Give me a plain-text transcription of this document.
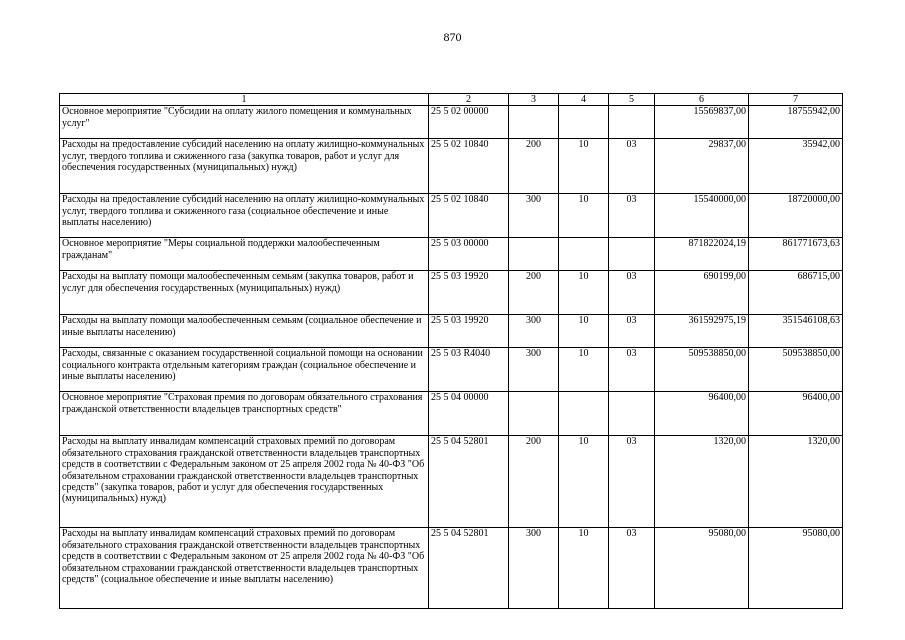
870
1	2	3	4	5	6	7
Основное мероприятие "Субсидии на оплату жилого помещения и коммунальных услуг"	25 5 02 00000				15569837,00	18755942,00
Расходы на предоставление субсидий населению на оплату жилищно-коммунальных услуг, твердого топлива и сжиженного газа (закупка товаров, работ и услуг для обеспечения государственных (муниципальных) нужд)	25 5 02 10840	200	10	03	29837,00	35942,00
Расходы на предоставление субсидий населению на оплату жилищно-коммунальных услуг, твердого топлива и сжиженного газа (социальное обеспечение и иные выплаты населению)	25 5 02 10840	300	10	03	15540000,00	18720000,00
Основное мероприятие "Меры социальной поддержки малообеспеченным гражданам"	25 5 03 00000				871822024,19	861771673,63
Расходы на выплату помощи малообеспеченным семьям (закупка товаров, работ и услуг для обеспечения государственных (муниципальных) нужд)	25 5 03 19920	200	10	03	690199,00	686715,00
Расходы на выплату помощи малообеспеченным семьям (социальное обеспечение и иные выплаты населению)	25 5 03 19920	300	10	03	361592975,19	351546108,63
Расходы, связанные с оказанием государственной социальной помощи на основании социального контракта отдельным категориям граждан (социальное обеспечение и иные выплаты населению)	25 5 03 R4040	300	10	03	509538850,00	509538850,00
Основное мероприятие "Страховая премия по договорам обязательного страхования гражданской ответственности владельцев транспортных средств"	25 5 04 00000				96400,00	96400,00
Расходы на выплату инвалидам компенсаций страховых премий по договорам обязательного страхования гражданской ответственности владельцев транспортных средств в соответствии с Федеральным законом от 25 апреля 2002 года № 40-ФЗ "Об обязательном страховании гражданской ответственности владельцев транспортных средств" (закупка товаров, работ и услуг для обеспечения государственных (муниципальных) нужд)	25 5 04 52801	200	10	03	1320,00	1320,00
Расходы на выплату инвалидам компенсаций страховых премий по договорам обязательного страхования гражданской ответственности владельцев транспортных средств в соответствии с Федеральным законом от 25 апреля 2002 года № 40-ФЗ "Об обязательном страховании гражданской ответственности владельцев транспортных средств" (социальное обеспечение и иные выплаты населению)	25 5 04 52801	300	10	03	95080,00	95080,00
